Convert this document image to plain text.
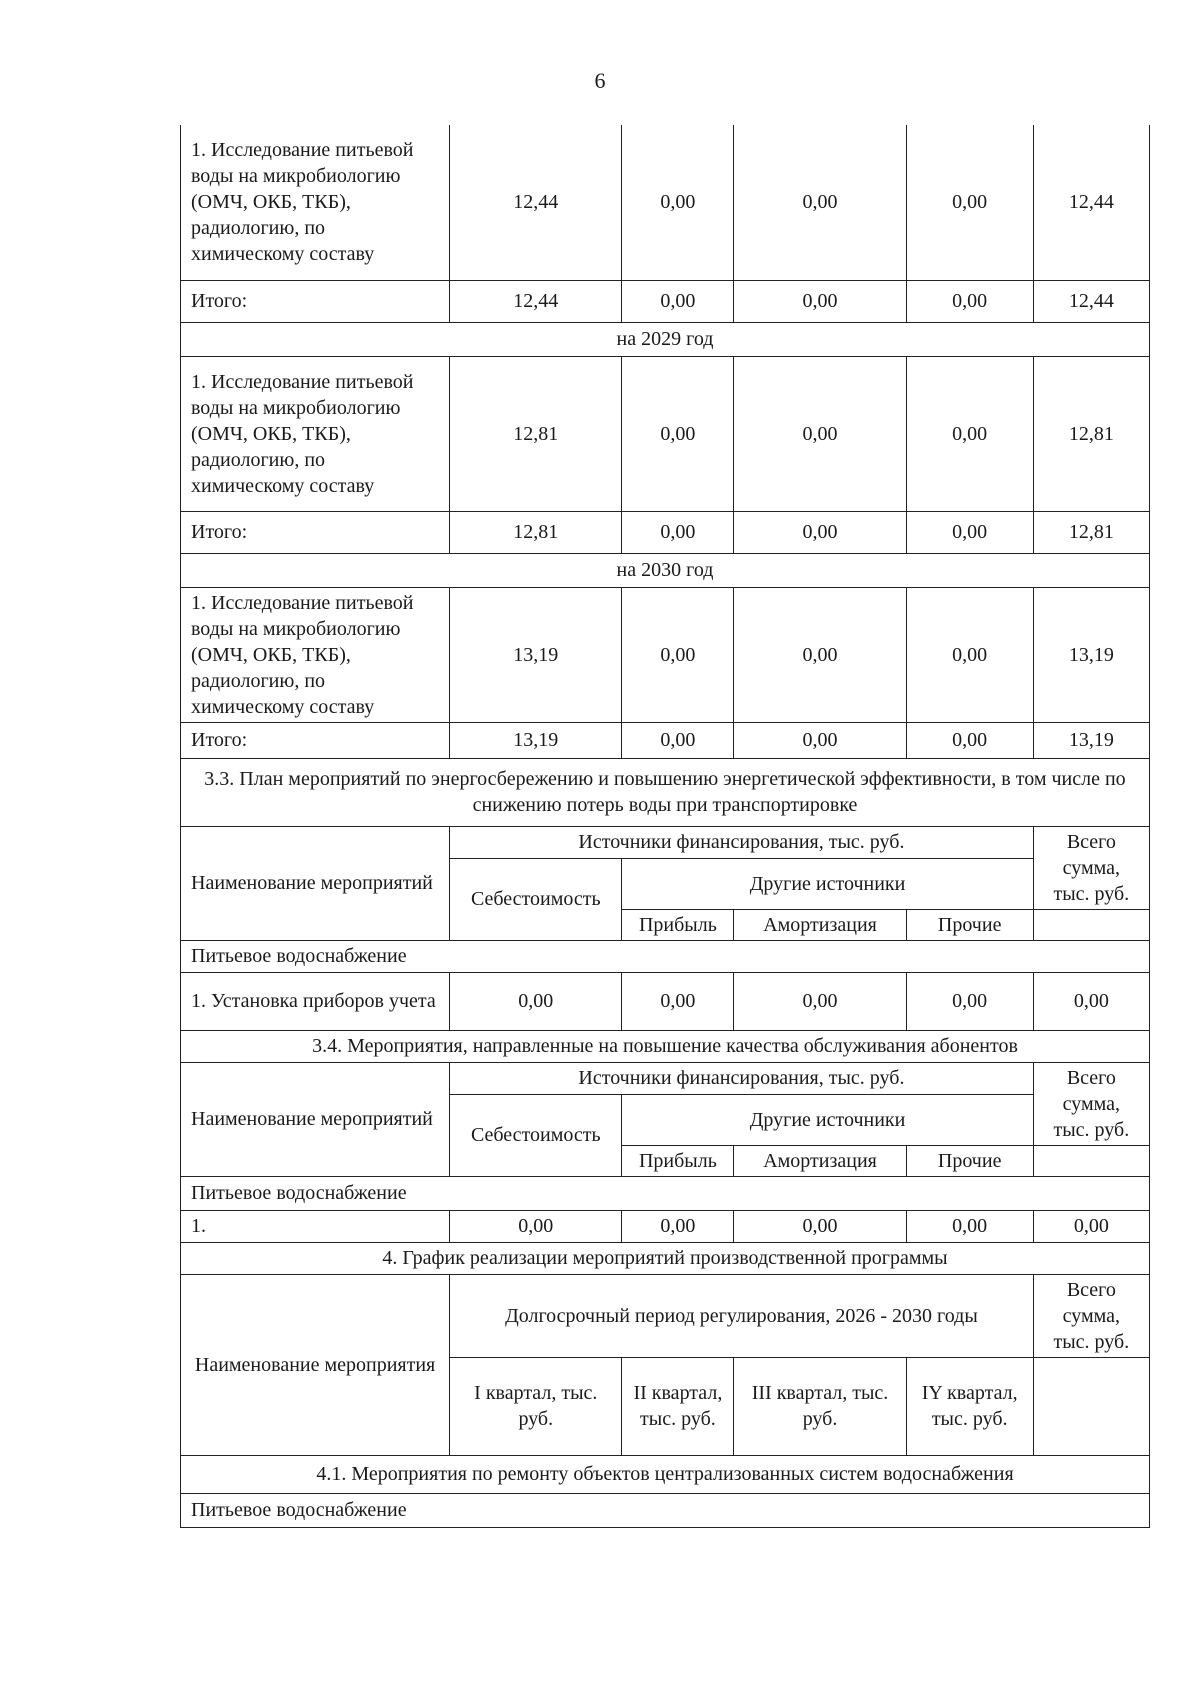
6
1. Исследование питьевой воды на микробиологию (ОМЧ, ОКБ, ТКБ), радиологию, по химическому составу	12,44	0,00	0,00	0,00	12,44
Итого:	12,44	0,00	0,00	0,00	12,44
на 2029 год					
1. Исследование питьевой воды на микробиологию (ОМЧ, ОКБ, ТКБ), радиологию, по химическому составу	12,81	0,00	0,00	0,00	12,81
Итого:	12,81	0,00	0,00	0,00	12,81
на 2030 год					
1. Исследование питьевой воды на микробиологию (ОМЧ, ОКБ, ТКБ), радиологию, по химическому составу	13,19	0,00	0,00	0,00	13,19
Итого:	13,19	0,00	0,00	0,00	13,19
3.3. План мероприятий по энергосбережению и повышению энергетической эффективности, в том числе по снижению потерь воды при транспортировке					
Наименование мероприятий	Источники финансирования, тыс. руб.				Всего сумма, тыс. руб.
	Себестоимость	Другие источники			
		Прибыль	Амортизация	Прочие	
Питьевое водоснабжение					
1. Установка приборов учета	0,00	0,00	0,00	0,00	0,00
3.4. Мероприятия, направленные на повышение качества обслуживания абонентов					
Наименование мероприятий	Источники финансирования, тыс. руб.				Всего сумма, тыс. руб.
	Себестоимость	Другие источники			
		Прибыль	Амортизация	Прочие	
Питьевое водоснабжение					
1.	0,00	0,00	0,00	0,00	0,00
4. График реализации мероприятий производственной программы					
Наименование мероприятия	Долгосрочный период регулирования, 2026 - 2030 годы				Всего сумма, тыс. руб.
	I квартал, тыс. руб.	II квартал, тыс. руб.	III квартал, тыс. руб.	IY квартал, тыс. руб.	
4.1. Мероприятия по ремонту объектов централизованных систем водоснабжения					
Питьевое водоснабжение					
